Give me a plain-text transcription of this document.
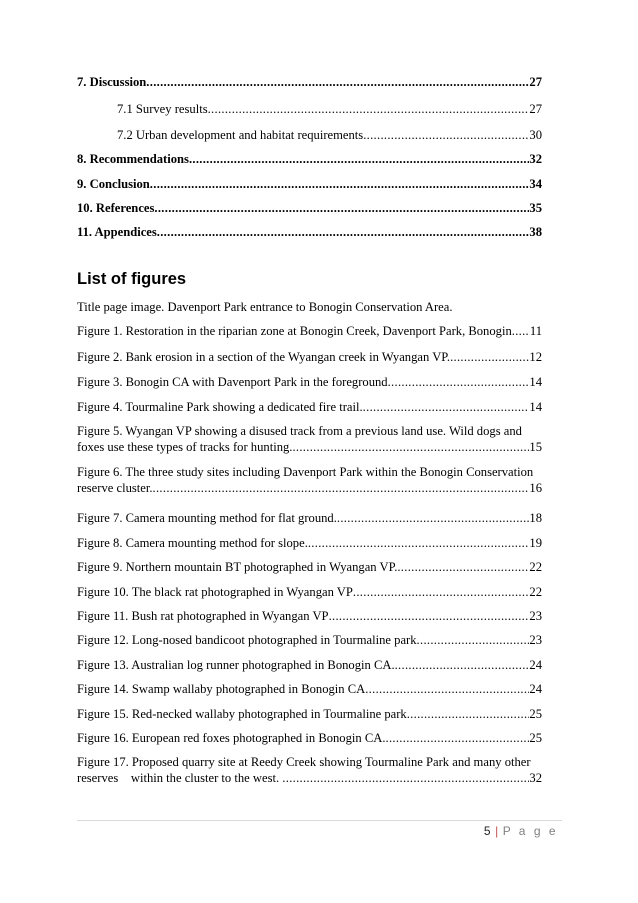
7. Discussion .....	27
7.1 Survey results .....	27
7.2 Urban development and habitat requirements .....	30
8. Recommendations .....	32
9. Conclusion .....	34
10. References .....	35
11. Appendices .....	38
List of figures
Title page image. Davenport Park entrance to Bonogin Conservation Area.
Figure 1. Restoration in the riparian zone at Bonogin Creek, Davenport Park, Bonogin ..... 11
Figure 2. Bank erosion in a section of the Wyangan creek in Wyangan VP. .....	12
Figure 3. Bonogin CA with Davenport Park in the foreground .....	14
Figure 4. Tourmaline Park showing a dedicated fire trail. .....	14
Figure 5. Wyangan VP showing a disused track from a previous land use. Wild dogs and
foxes use these types of tracks for hunting. .....	15
Figure 6. The three study sites including Davenport Park within the Bonogin Conservation
reserve cluster. .....	16
Figure 7. Camera mounting method for flat ground. .....	18
Figure 8. Camera mounting method for slope. .....	19
Figure 9. Northern mountain BT photographed in Wyangan VP. .....	22
Figure 10. The black rat photographed in Wyangan VP .....	22
Figure 11. Bush rat photographed in Wyangan VP .....	23
Figure 12. Long-nosed bandicoot photographed in Tourmaline park .....	23
Figure 13. Australian log runner photographed in Bonogin CA. .....	24
Figure 14. Swamp wallaby photographed in Bonogin CA .....	24
Figure 15. Red-necked wallaby photographed in Tourmaline park .....	25
Figure 16. European red foxes photographed in Bonogin CA. .....	25
Figure 17. Proposed quarry site at Reedy Creek showing Tourmaline Park and many other
reserves    within the cluster to the west. .....	32
5 | P a g e
